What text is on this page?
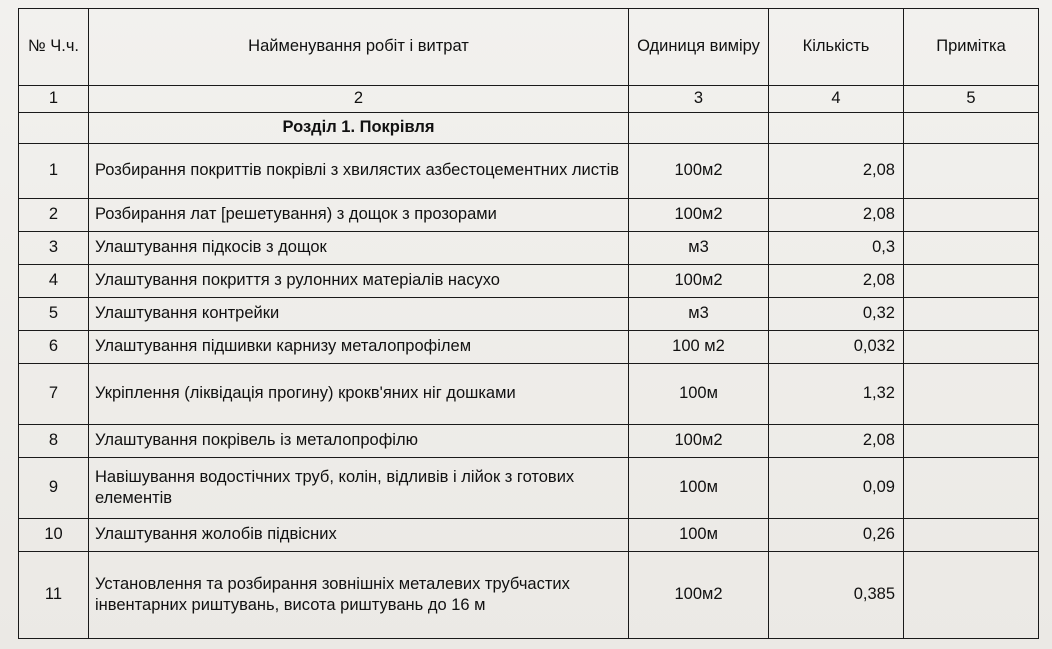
№ Ч.ч.	Найменування робіт і витрат	Одиниця виміру	Кількість	Примітка
1	2	3	4	5
	Розділ 1. Покрівля			
1	Розбирання покриттів покрівлі з хвилястих азбестоцементних листів	100м2	2,08	
2	Розбирання лат [решетування) з дощок з прозорами	100м2	2,08	
3	Улаштування підкосів з дощок	м3	0,3	
4	Улаштування покриття з рулонних матеріалів насухо	100м2	2,08	
5	Улаштування контрейки	м3	0,32	
6	Улаштування підшивки карнизу металопрофілем	100 м2	0,032	
7	Укріплення (ліквідація прогину) крокв'яних ніг дошками	100м	1,32	
8	Улаштування покрівель із металопрофілю	100м2	2,08	
9	Навішування водостічних труб, колін, відливів і лійок з готових елементів	100м	0,09	
10	Улаштування жолобів підвісних	100м	0,26	
11	Установлення та розбирання зовнішніх металевих трубчастих інвентарних риштувань, висота риштувань до 16 м	100м2	0,385	
